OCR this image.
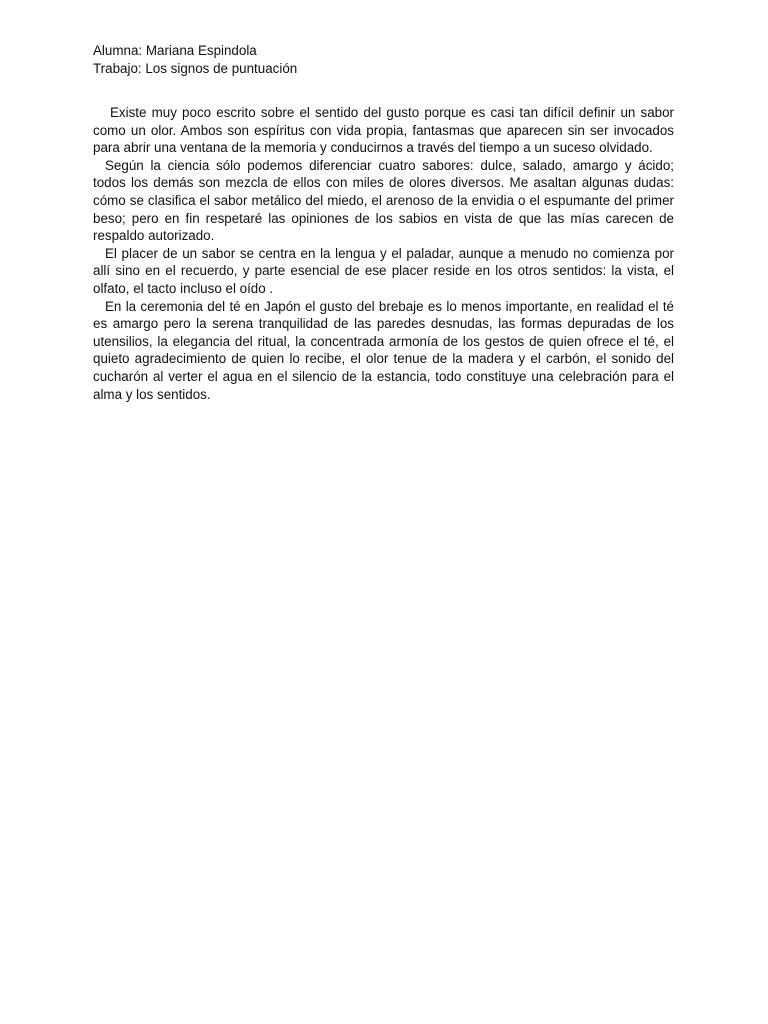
Alumna: Mariana Espindola
Trabajo: Los signos de puntuación

Existe muy poco escrito sobre el sentido del gusto porque es casi tan difícil definir un sabor como un olor. Ambos son espíritus con vida propia, fantasmas que aparecen sin ser invocados para abrir una ventana de la memoria y conducirnos a través del tiempo a un suceso olvidado.

Según la ciencia sólo podemos diferenciar cuatro sabores: dulce, salado, amargo y ácido; todos los demás son mezcla de ellos con miles de olores diversos. Me asaltan algunas dudas: cómo se clasifica el sabor metálico del miedo, el arenoso de la envidia o el espumante del primer beso; pero en fin respetaré las opiniones de los sabios en vista de que las mías carecen de respaldo autorizado.

El placer de un sabor se centra en la lengua y el paladar, aunque a menudo no comienza por allí sino en el recuerdo, y parte esencial de ese placer reside en los otros sentidos: la vista, el olfato, el tacto incluso el oído .

En la ceremonia del té en Japón el gusto del brebaje es lo menos importante, en realidad el té es amargo pero la serena tranquilidad de las paredes desnudas, las formas depuradas de los utensilios, la elegancia del ritual, la concentrada armonía de los gestos de quien ofrece el té, el quieto agradecimiento de quien lo recibe, el olor tenue de la madera y el carbón, el sonido del cucharón al verter el agua en el silencio de la estancia, todo constituye una celebración para el alma y los sentidos.
